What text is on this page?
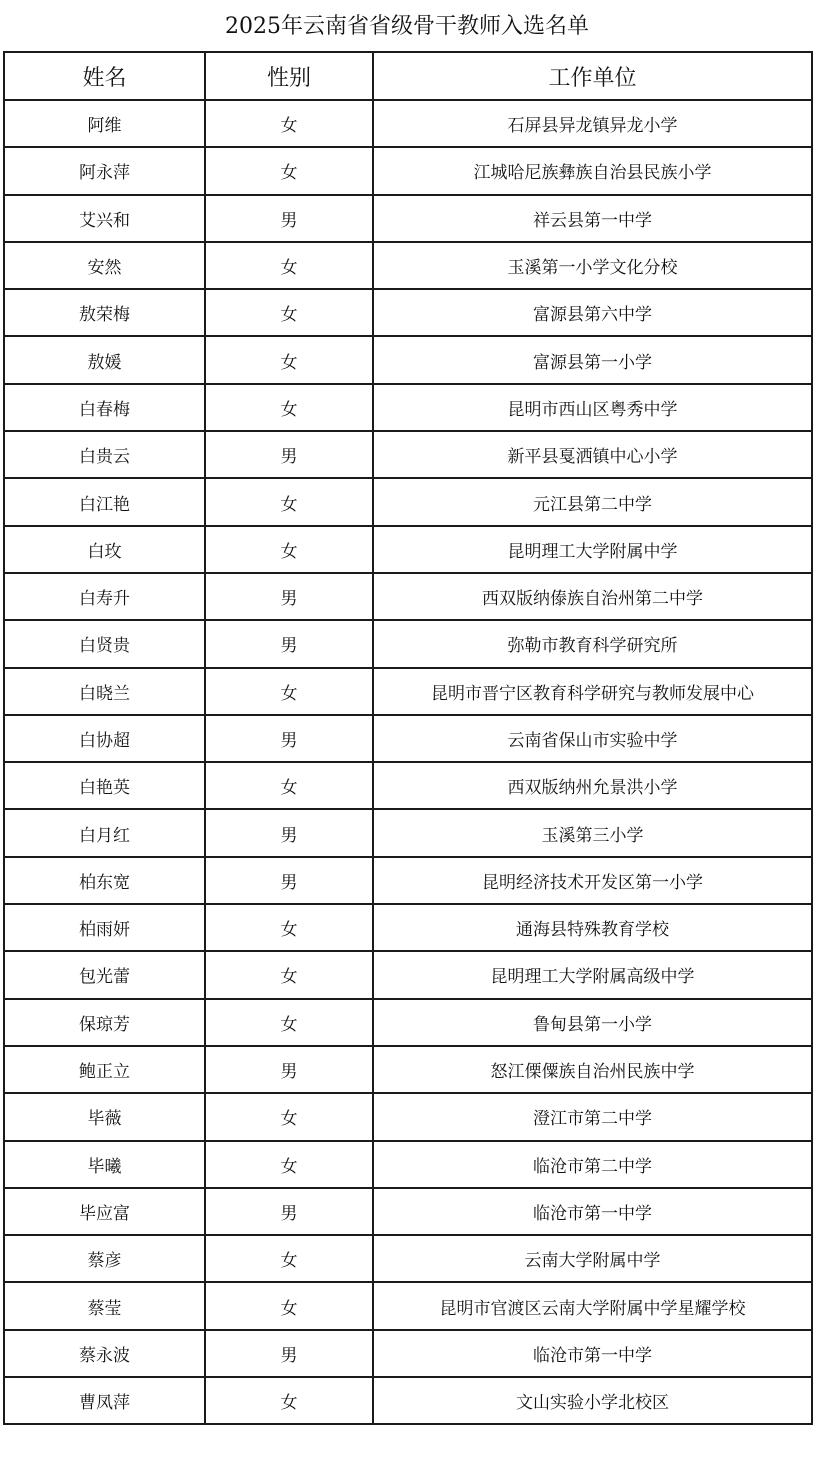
2025年云南省省级骨干教师入选名单
姓名	性别	工作单位
阿维	女	石屏县异龙镇异龙小学
阿永萍	女	江城哈尼族彝族自治县民族小学
艾兴和	男	祥云县第一中学
安然	女	玉溪第一小学文化分校
敖荣梅	女	富源县第六中学
敖媛	女	富源县第一小学
白春梅	女	昆明市西山区粤秀中学
白贵云	男	新平县戛洒镇中心小学
白江艳	女	元江县第二中学
白玫	女	昆明理工大学附属中学
白寿升	男	西双版纳傣族自治州第二中学
白贤贵	男	弥勒市教育科学研究所
白晓兰	女	昆明市晋宁区教育科学研究与教师发展中心
白协超	男	云南省保山市实验中学
白艳英	女	西双版纳州允景洪小学
白月红	男	玉溪第三小学
柏东宽	男	昆明经济技术开发区第一小学
柏雨妍	女	通海县特殊教育学校
包光蕾	女	昆明理工大学附属高级中学
保琼芳	女	鲁甸县第一小学
鲍正立	男	怒江傈僳族自治州民族中学
毕薇	女	澄江市第二中学
毕曦	女	临沧市第二中学
毕应富	男	临沧市第一中学
蔡彦	女	云南大学附属中学
蔡莹	女	昆明市官渡区云南大学附属中学星耀学校
蔡永波	男	临沧市第一中学
曹凤萍	女	文山实验小学北校区
